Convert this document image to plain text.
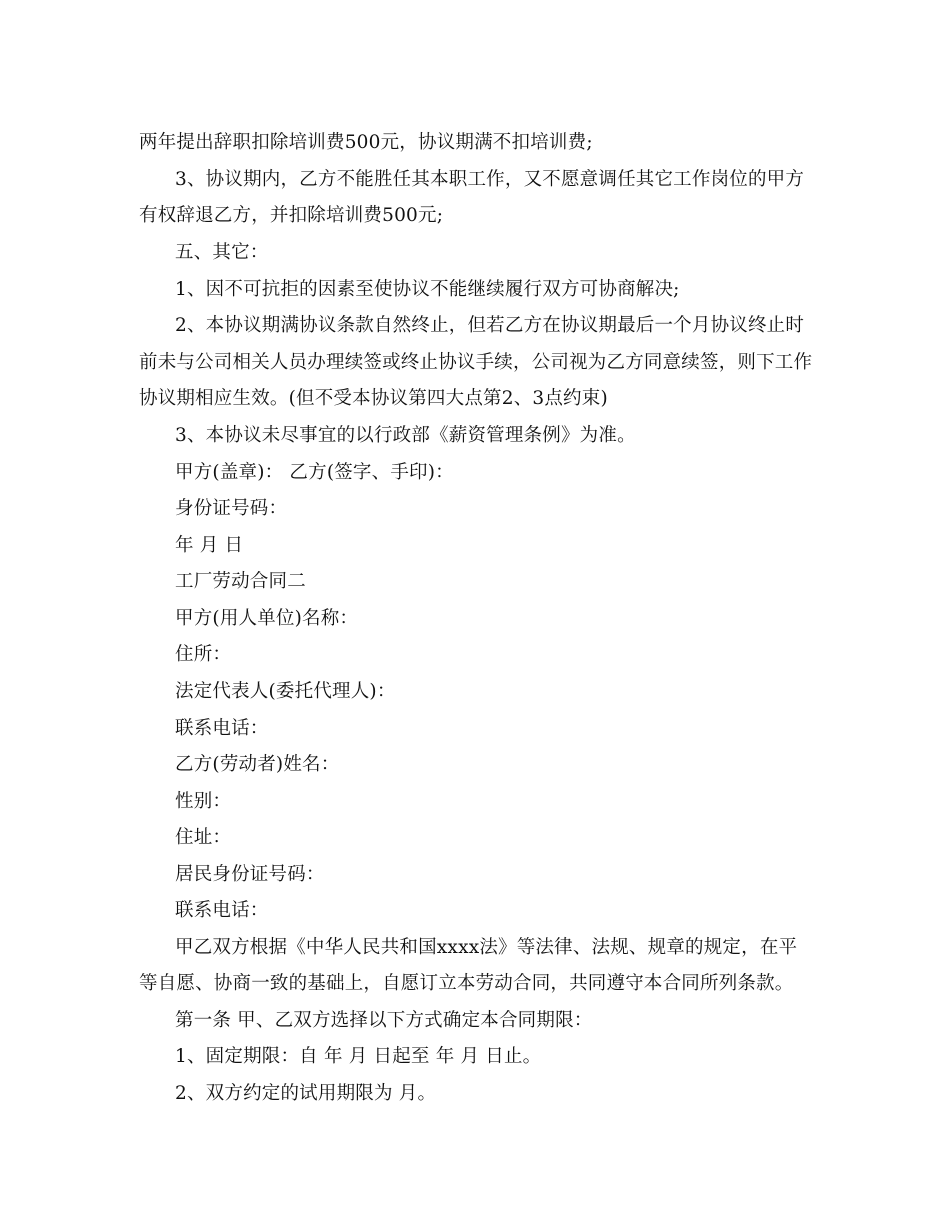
两年提出辞职扣除培训费500元，协议期满不扣培训费;

3、协议期内，乙方不能胜任其本职工作，又不愿意调任其它工作岗位的甲方

有权辞退乙方，并扣除培训费500元;

五、其它：

1、因不可抗拒的因素至使协议不能继续履行双方可协商解决;

2、本协议期满协议条款自然终止，但若乙方在协议期最后一个月协议终止时

前未与公司相关人员办理续签或终止协议手续，公司视为乙方同意续签，则下工作

协议期相应生效。(但不受本协议第四大点第2、3点约束)

3、本协议未尽事宜的以行政部《薪资管理条例》为准。

甲方(盖章)： 乙方(签字、手印)：

身份证号码：

年 月 日

工厂劳动合同二

甲方(用人单位)名称：

住所：

法定代表人(委托代理人)：

联系电话：

乙方(劳动者)姓名：

性别：

住址：

居民身份证号码：

联系电话：

甲乙双方根据《中华人民共和国xxxx法》等法律、法规、规章的规定，在平

等自愿、协商一致的基础上，自愿订立本劳动合同，共同遵守本合同所列条款。

第一条 甲、乙双方选择以下方式确定本合同期限：

1、固定期限：自 年 月 日起至 年 月 日止。

2、双方约定的试用期限为 月。
